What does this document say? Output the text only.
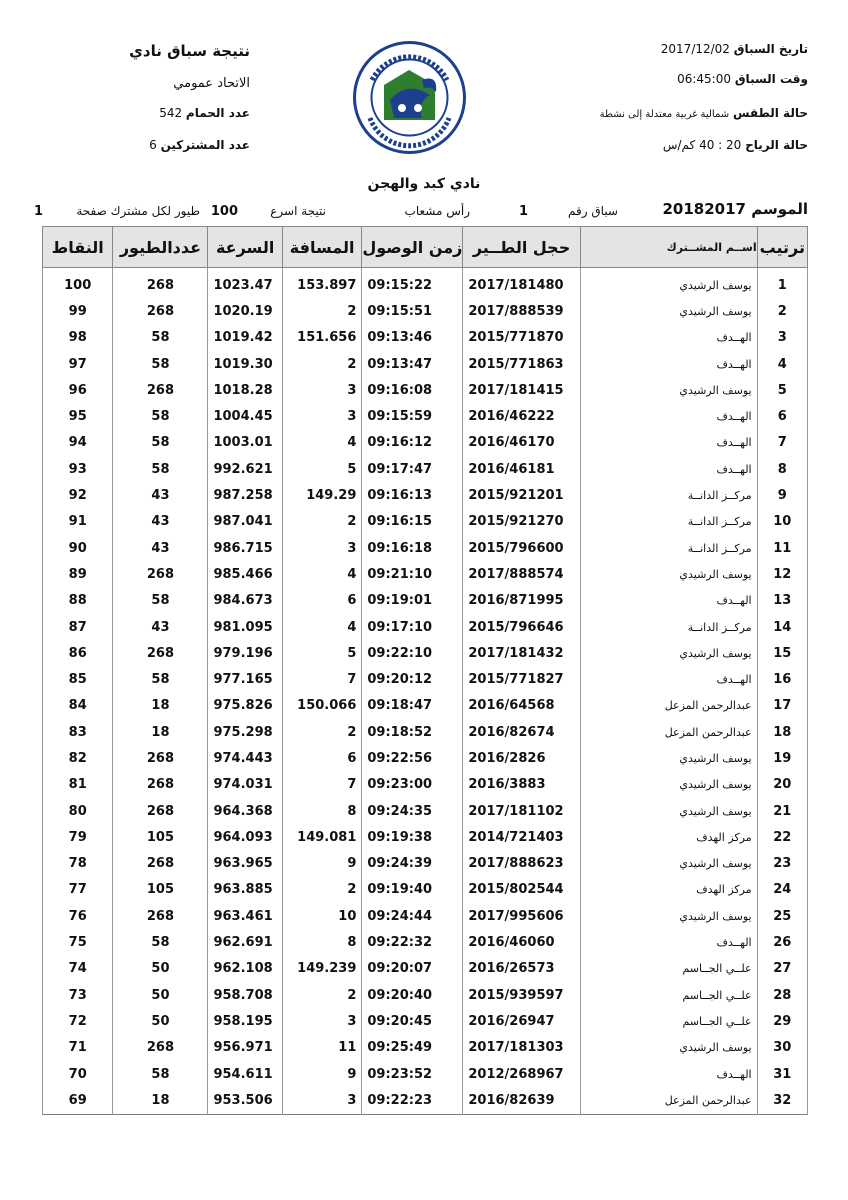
نتيجة سباق نادي
الاتحاد عمومي
عدد الحمام 542
عدد المشتركين 6
تاريخ السباق 2017/12/02
وقت السباق 06:45:00
حالة الطقس شمالية غربية معتدلة إلى نشطة
حالة الرياح 20 : 40 كم/س
نادي كبد والهجن
الموسم
20182017
سباق رقم
1
رأس مشعاب
نتيجة اسرع
100
طيور لكل مشترك صفحة
1
ترتيب	اســم المشــترك	حجل الطــير	زمن الوصول	المسافة	السرعة	عددالطيور	النقاط
1	يوسف الرشيدي	2017/181480	09:15:22	153.897	1023.47	268	100
2	يوسف الرشيدي	2017/888539	09:15:51	2	1020.19	268	99
3	الهــدف	2015/771870	09:13:46	151.656	1019.42	58	98
4	الهــدف	2015/771863	09:13:47	2	1019.30	58	97
5	يوسف الرشيدي	2017/181415	09:16:08	3	1018.28	268	96
6	الهــدف	2016/46222	09:15:59	3	1004.45	58	95
7	الهــدف	2016/46170	09:16:12	4	1003.01	58	94
8	الهــدف	2016/46181	09:17:47	5	992.621	58	93
9	مركــز الدانــة	2015/921201	09:16:13	149.29	987.258	43	92
10	مركــز الدانــة	2015/921270	09:16:15	2	987.041	43	91
11	مركــز الدانــة	2015/796600	09:16:18	3	986.715	43	90
12	يوسف الرشيدي	2017/888574	09:21:10	4	985.466	268	89
13	الهــدف	2016/871995	09:19:01	6	984.673	58	88
14	مركــز الدانــة	2015/796646	09:17:10	4	981.095	43	87
15	يوسف الرشيدي	2017/181432	09:22:10	5	979.196	268	86
16	الهــدف	2015/771827	09:20:12	7	977.165	58	85
17	عبدالرحمن المزعل	2016/64568	09:18:47	150.066	975.826	18	84
18	عبدالرحمن المزعل	2016/82674	09:18:52	2	975.298	18	83
19	يوسف الرشيدي	2016/2826	09:22:56	6	974.443	268	82
20	يوسف الرشيدي	2016/3883	09:23:00	7	974.031	268	81
21	يوسف الرشيدي	2017/181102	09:24:35	8	964.368	268	80
22	مركز الهدف	2014/721403	09:19:38	149.081	964.093	105	79
23	يوسف الرشيدي	2017/888623	09:24:39	9	963.965	268	78
24	مركز الهدف	2015/802544	09:19:40	2	963.885	105	77
25	يوسف الرشيدي	2017/995606	09:24:44	10	963.461	268	76
26	الهــدف	2016/46060	09:22:32	8	962.691	58	75
27	علــي الجــاسم	2016/26573	09:20:07	149.239	962.108	50	74
28	علــي الجــاسم	2015/939597	09:20:40	2	958.708	50	73
29	علــي الجــاسم	2016/26947	09:20:45	3	958.195	50	72
30	يوسف الرشيدي	2017/181303	09:25:49	11	956.971	268	71
31	الهــدف	2012/268967	09:23:52	9	954.611	58	70
32	عبدالرحمن المزعل	2016/82639	09:22:23	3	953.506	18	69
